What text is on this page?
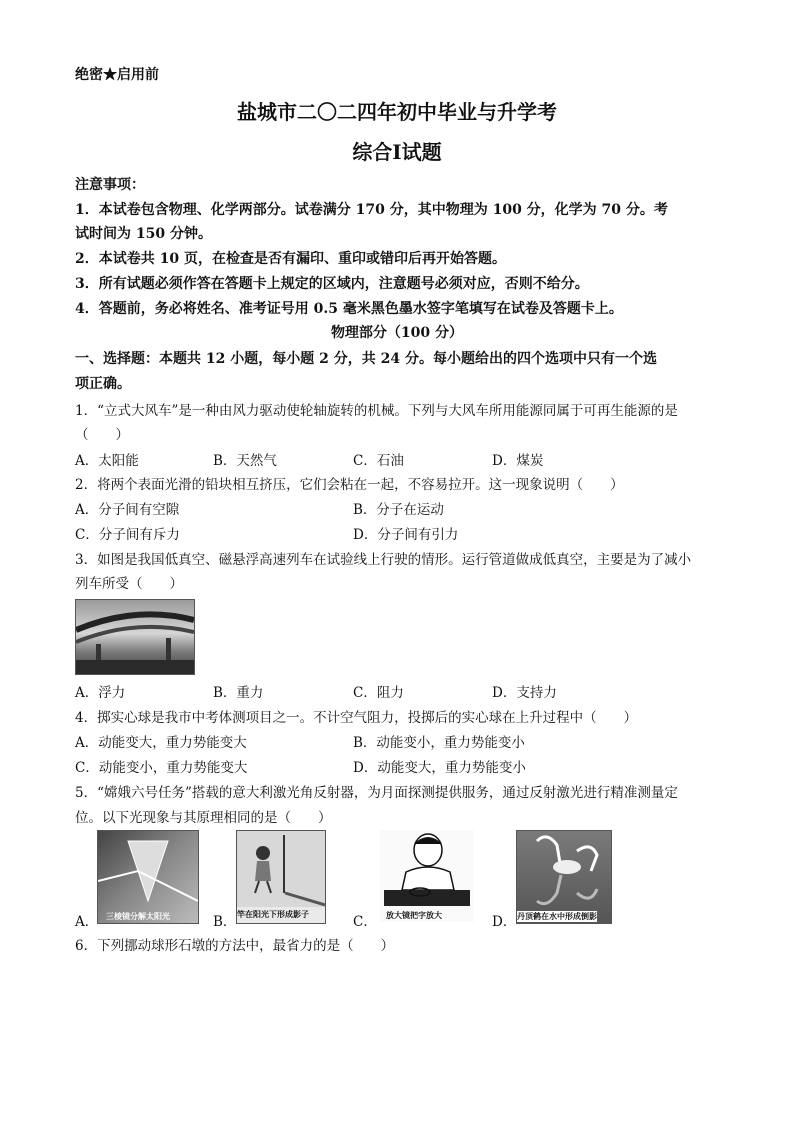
绝密★启用前
盐城市二〇二四年初中毕业与升学考
综合Ⅰ试题
注意事项：
1．本试卷包含物理、化学两部分。试卷满分 170 分，其中物理为 100 分，化学为 70 分。考
试时间为 150 分钟。
2．本试卷共 10 页，在检查是否有漏印、重印或错印后再开始答题。
3．所有试题必须作答在答题卡上规定的区域内，注意题号必须对应，否则不给分。
4．答题前，务必将姓名、准考证号用 0.5 毫米黑色墨水签字笔填写在试卷及答题卡上。
物理部分（100 分）
一、选择题：本题共 12 小题，每小题 2 分，共 24 分。每小题给出的四个选项中只有一个选
项正确。
1．“立式大风车”是一种由风力驱动使轮轴旋转的机械。下列与大风车所用能源同属于可再生能源的是
（　　）
A．太阳能	B．天然气	C．石油	D．煤炭
2．将两个表面光滑的铅块相互挤压，它们会粘在一起，不容易拉开。这一现象说明（　　）
A．分子间有空隙	B．分子在运动
C．分子间有斥力	D．分子间有引力
3．如图是我国低真空、磁悬浮高速列车在试验线上行驶的情形。运行管道做成低真空，主要是为了减小
列车所受（　　）
A．浮力	B．重力	C．阻力	D．支持力
4．掷实心球是我市中考体测项目之一。不计空气阻力，投掷后的实心球在上升过程中（　　）
A．动能变大，重力势能变大	B．动能变小，重力势能变小
C．动能变小，重力势能变大	D．动能变大，重力势能变小
5．“嫦娥六号任务”搭载的意大利激光角反射器，为月面探测提供服务，通过反射激光进行精准测量定
位。以下光现象与其原理相同的是（　　）
三棱镜分解太阳光	竿在阳光下形成影子	放大镜把字放大	丹顶鹤在水中形成倒影
A．	B．	C．	D．
6．下列挪动球形石墩的方法中，最省力的是（　　）
